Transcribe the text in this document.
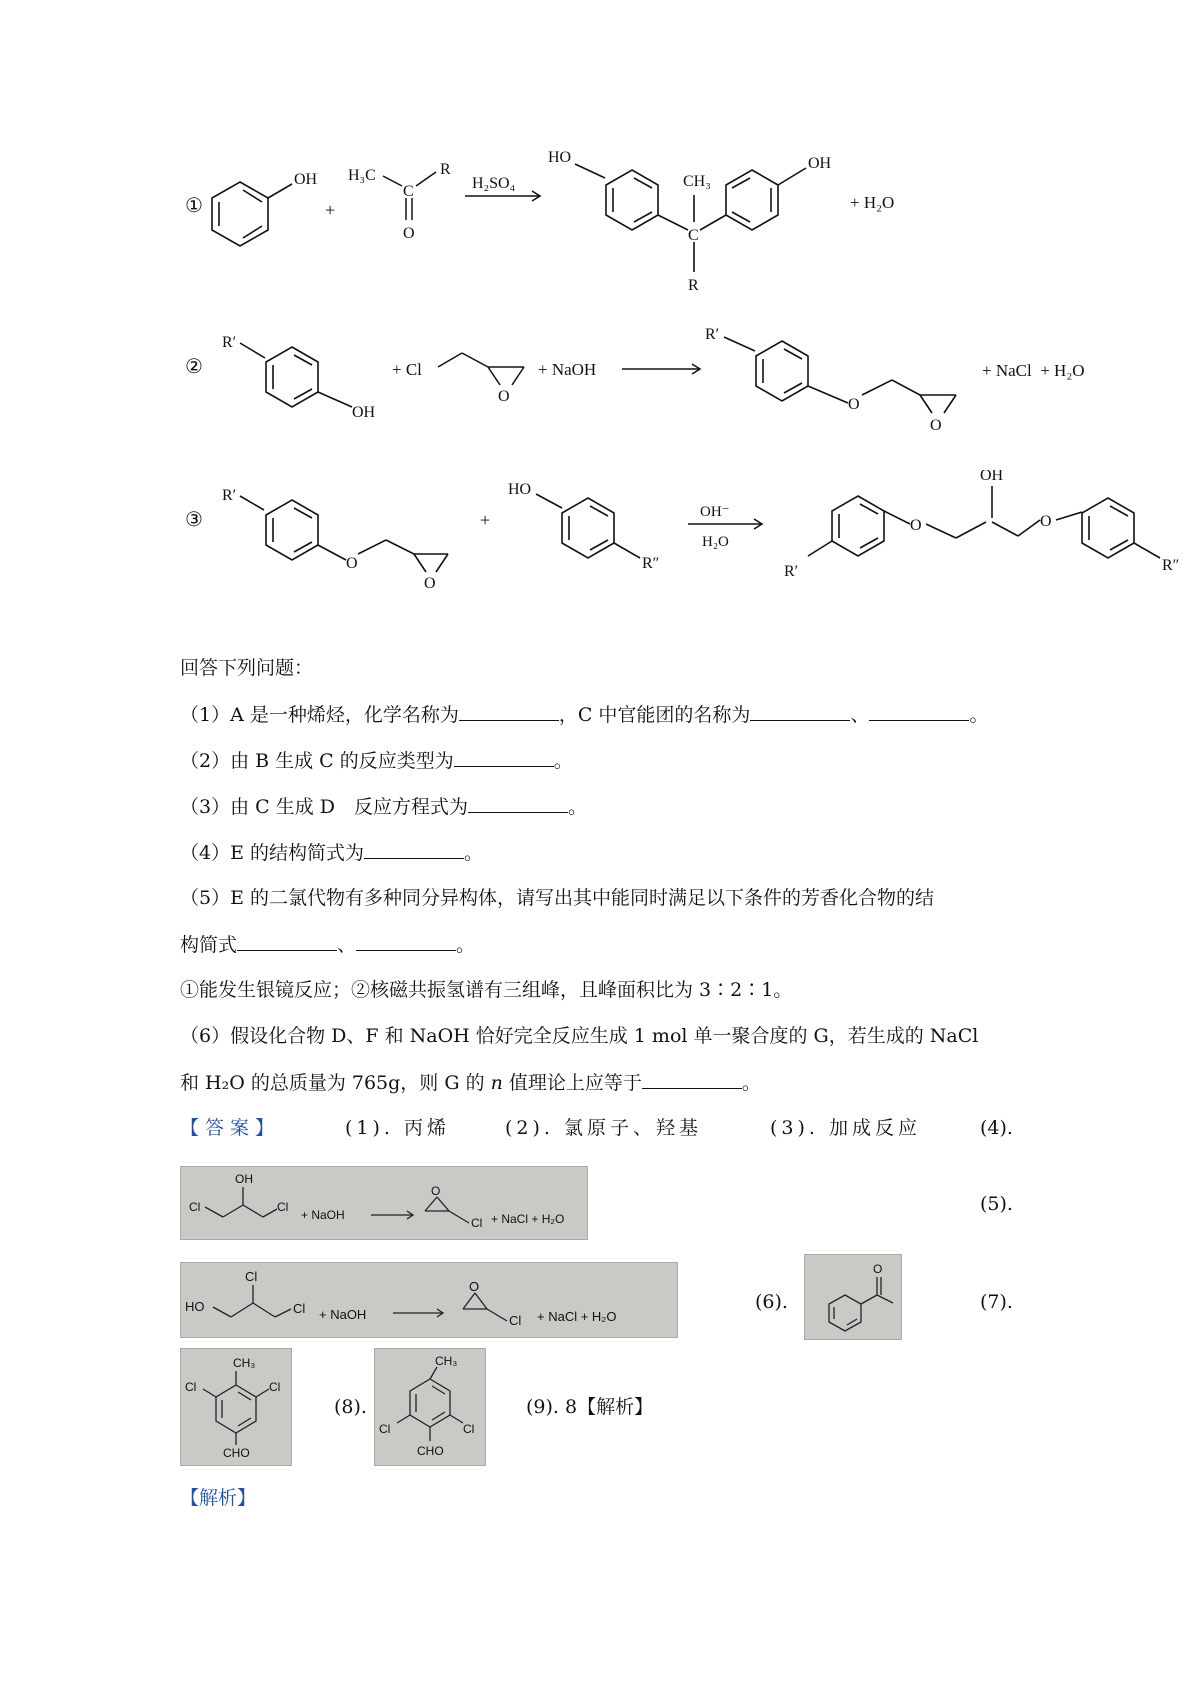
①
OH
+
H₃C	R
C
O
H₂SO₄
HO
CH₃
OH
C
R
+ H₂O
②
R′
OH
+ Cl
O
+ NaOH
R′
O
O
+ NaCl  + H₂O
③
R′
O
O
+
HO
R″
OH⁻
H₂O
OH
O	O
R′	R″
回答下列问题：
（1）A 是一种烯烃，化学名称为	，C 中官能团的名称为	、	。
（2）由 B 生成 C 的反应类型为	。
（3）由 C 生成 D　反应方程式为	。
（4）E 的结构简式为	。
（5）E 的二氯代物有多种同分异构体，请写出其中能同时满足以下条件的芳香化合物的结
构简式	、	。
①能发生银镜反应；②核磁共振氢谱有三组峰，且峰面积比为 3∶2∶1。
（6）假设化合物 D、F 和 NaOH 恰好完全反应生成 1 mol 单一聚合度的 G，若生成的 NaCl
和 H₂O 的总质量为 765g，则 G 的 n 值理论上应等于	。
【答案】	(1). 丙烯	(2). 氯原子、羟基	(3). 加成反应	(4).
OH
Cl	Cl
+ NaOH
O
Cl + NaCl + H₂O
(5).
Cl
HO	Cl + NaOH
O
Cl + NaCl + H₂O
(6).
O
(7).
CH₃
Cl	Cl
CHO
(8).
CH₃
Cl	Cl
CHO
(9). 8【解析】
【解析】
